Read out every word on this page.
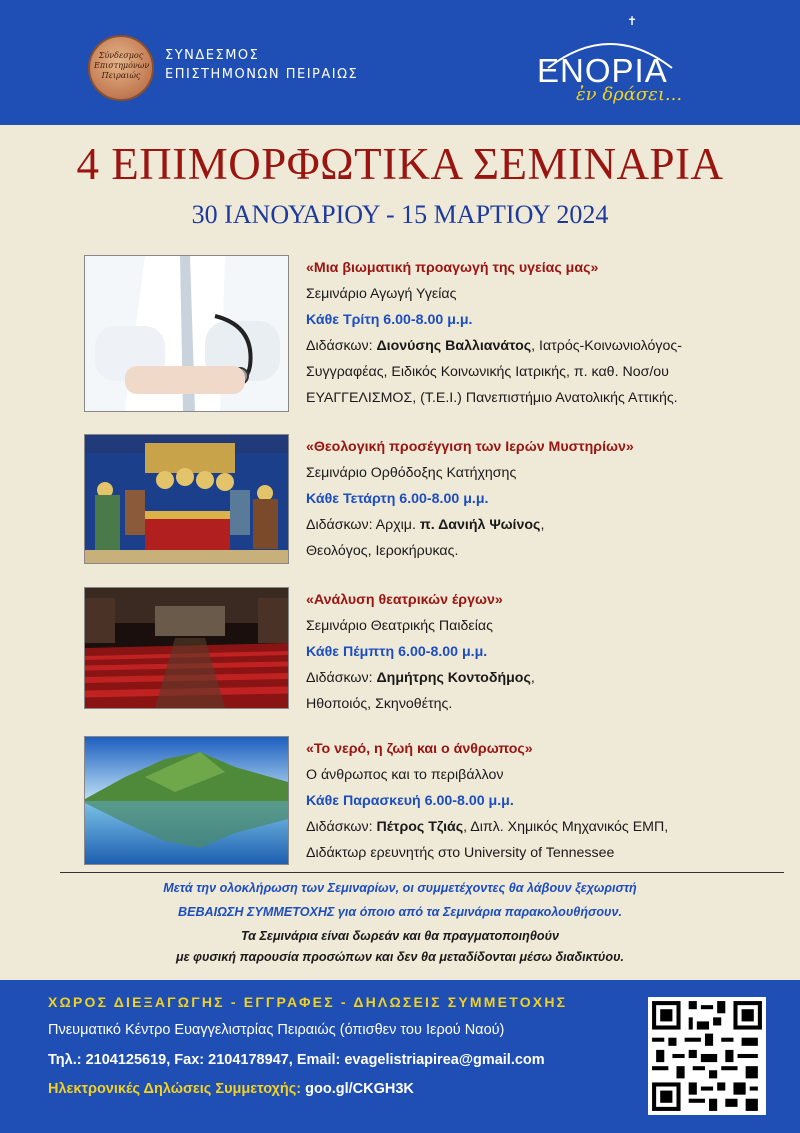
Σύνδεσμος
Επιστημόνων
Πειραιώς
ΣΥΝΔΕΣΜΟΣ
ΕΠΙΣΤΗΜΟΝΩΝ ΠΕΙΡΑΙΩΣ
✝
ΕΝΟΡΙΑ
ἐν δράσει...
4 ΕΠΙΜΟΡΦΩΤΙΚΑ ΣΕΜΙΝΑΡΙΑ
30 ΙΑΝΟΥΑΡΙΟΥ - 15 ΜΑΡΤΙΟΥ 2024
«Μια βιωματική προαγωγή της υγείας μας»
Σεμινάριο Αγωγή Υγείας
Κάθε Τρίτη 6.00-8.00 μ.μ.
Διδάσκων: Διονύσης Βαλλιανάτος, Ιατρός-Κοινωνιολόγος-
Συγγραφέας, Ειδικός Κοινωνικής Ιατρικής, π. καθ. Νοσ/ου
ΕΥΑΓΓΕΛΙΣΜΟΣ, (Τ.Ε.Ι.) Πανεπιστήμιο Ανατολικής Αττικής.
«Θεολογική προσέγγιση των Ιερών Μυστηρίων»
Σεμινάριο Ορθόδοξης Κατήχησης
Κάθε Τετάρτη 6.00-8.00 μ.μ.
Διδάσκων: Αρχιμ. π. Δανιήλ Ψωίνος,
Θεολόγος, Ιεροκήρυκας.
«Ανάλυση θεατρικών έργων»
Σεμινάριο Θεατρικής Παιδείας
Κάθε Πέμπτη 6.00-8.00 μ.μ.
Διδάσκων: Δημήτρης Κοντοδήμος,
Ηθοποιός, Σκηνοθέτης.
«Το νερό, η ζωή και ο άνθρωπος»
Ο άνθρωπος και το περιβάλλον
Κάθε Παρασκευή 6.00-8.00 μ.μ.
Διδάσκων: Πέτρος Τζιάς, Διπλ. Χημικός Μηχανικός ΕΜΠ,
Διδάκτωρ ερευνητής στο University of Tennessee
Μετά την ολοκλήρωση των Σεμιναρίων, οι συμμετέχοντες θα λάβουν ξεχωριστή
ΒΕΒΑΙΩΣΗ ΣΥΜΜΕΤΟΧΗΣ για όποιο από τα Σεμινάρια παρακολουθήσουν.
Τα Σεμινάρια είναι δωρεάν και θα πραγματοποιηθούν
με φυσική παρουσία προσώπων και δεν θα μεταδίδονται μέσω διαδικτύου.
ΧΩΡΟΣ ΔΙΕΞΑΓΩΓΗΣ - ΕΓΓΡΑΦΕΣ - ΔΗΛΩΣΕΙΣ ΣΥΜΜΕΤΟΧΗΣ
Πνευματικό Κέντρο Ευαγγελιστρίας Πειραιώς (όπισθεν του Ιερού Ναού)
Τηλ.: 2104125619, Fax: 2104178947, Email: evagelistriapirea@gmail.com
Ηλεκτρονικές Δηλώσεις Συμμετοχής: goo.gl/CKGH3K
